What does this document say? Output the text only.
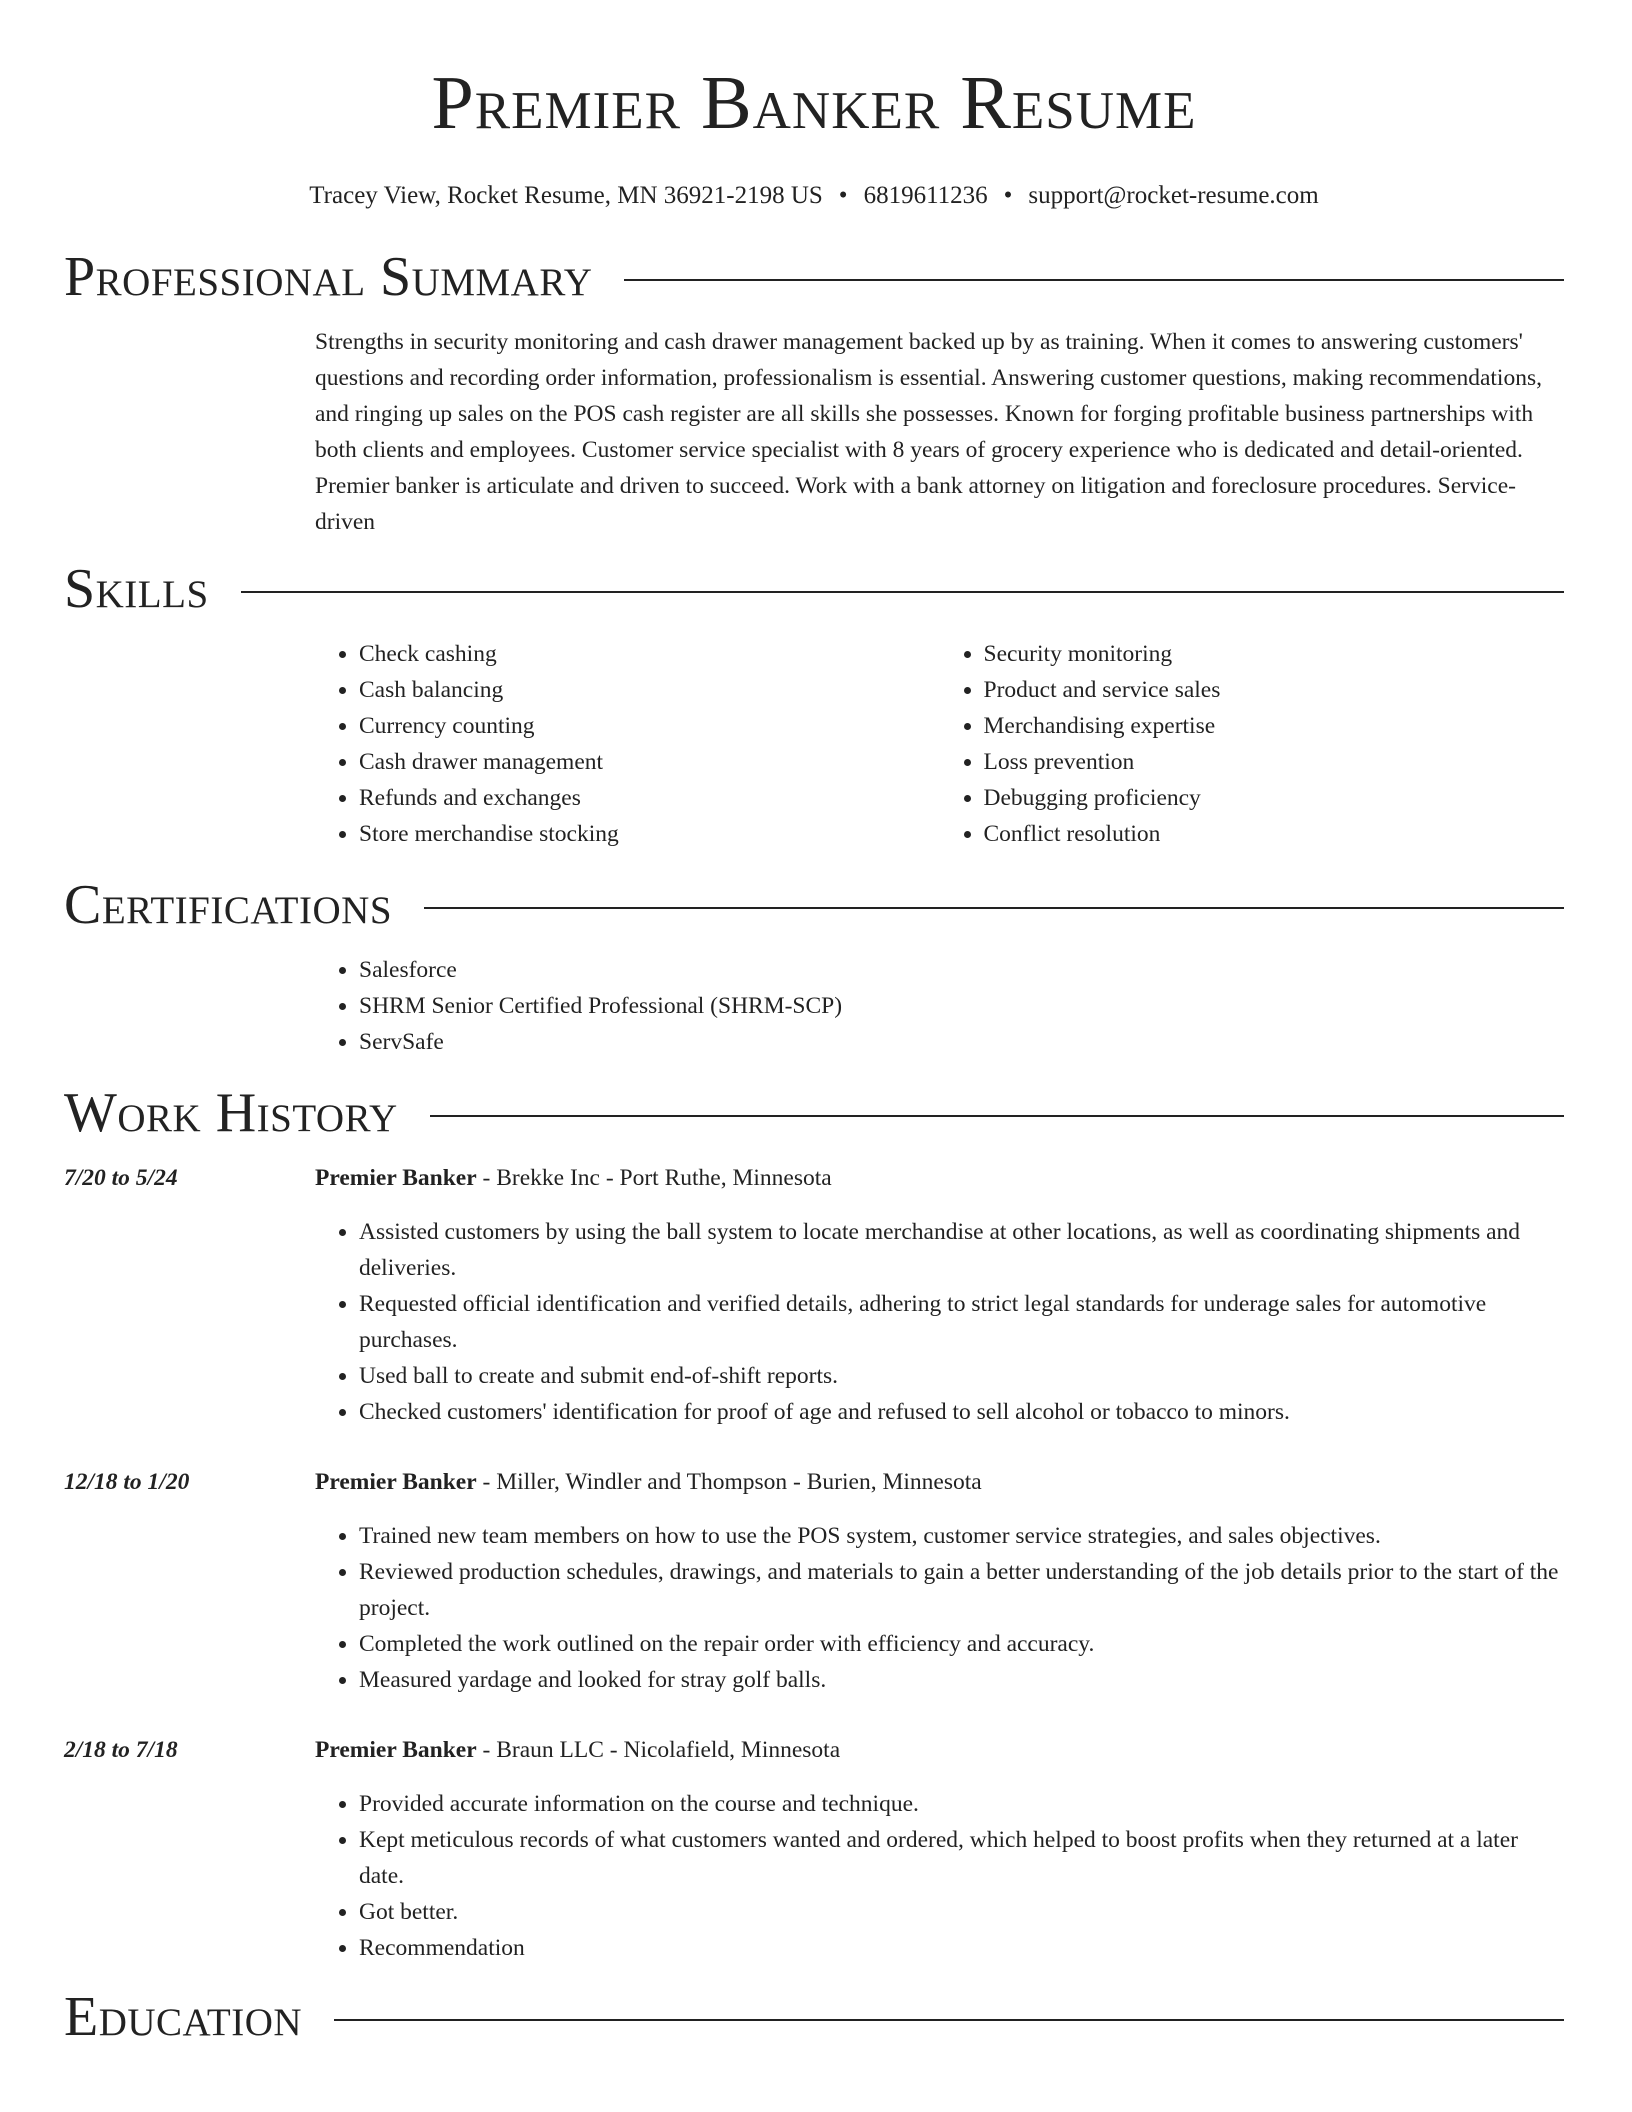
Premier Banker Resume
Tracey View, Rocket Resume, MN 36921-2198 US • 6819611236 • support@rocket-resume.com
Professional Summary

Strengths in security monitoring and cash drawer management backed up by as training. When it comes to answering customers' questions and recording order information, professionalism is essential. Answering customer questions, making recommendations, and ringing up sales on the POS cash register are all skills she possesses. Known for forging profitable business partnerships with both clients and employees. Customer service specialist with 8 years of grocery experience who is dedicated and detail-oriented. Premier banker is articulate and driven to succeed. Work with a bank attorney on litigation and foreclosure procedures. Service-driven

Skills
• Check cashing
• Cash balancing
• Currency counting
• Cash drawer management
• Refunds and exchanges
• Store merchandise stocking
• Security monitoring
• Product and service sales
• Merchandising expertise
• Loss prevention
• Debugging proficiency
• Conflict resolution
Certifications
• Salesforce
• SHRM Senior Certified Professional (SHRM-SCP)
• ServSafe
Work History
7/20 to 5/24	Premier Banker - Brekke Inc - Port Ruthe, Minnesota
• Assisted customers by using the ball system to locate merchandise at other locations, as well as coordinating shipments and deliveries.
• Requested official identification and verified details, adhering to strict legal standards for underage sales for automotive purchases.
• Used ball to create and submit end-of-shift reports.
• Checked customers' identification for proof of age and refused to sell alcohol or tobacco to minors.
12/18 to 1/20	Premier Banker - Miller, Windler and Thompson - Burien, Minnesota
• Trained new team members on how to use the POS system, customer service strategies, and sales objectives.
• Reviewed production schedules, drawings, and materials to gain a better understanding of the job details prior to the start of the project.
• Completed the work outlined on the repair order with efficiency and accuracy.
• Measured yardage and looked for stray golf balls.
2/18 to 7/18	Premier Banker - Braun LLC - Nicolafield, Minnesota
• Provided accurate information on the course and technique.
• Kept meticulous records of what customers wanted and ordered, which helped to boost profits when they returned at a later date.
• Got better.
• Recommendation
Education
